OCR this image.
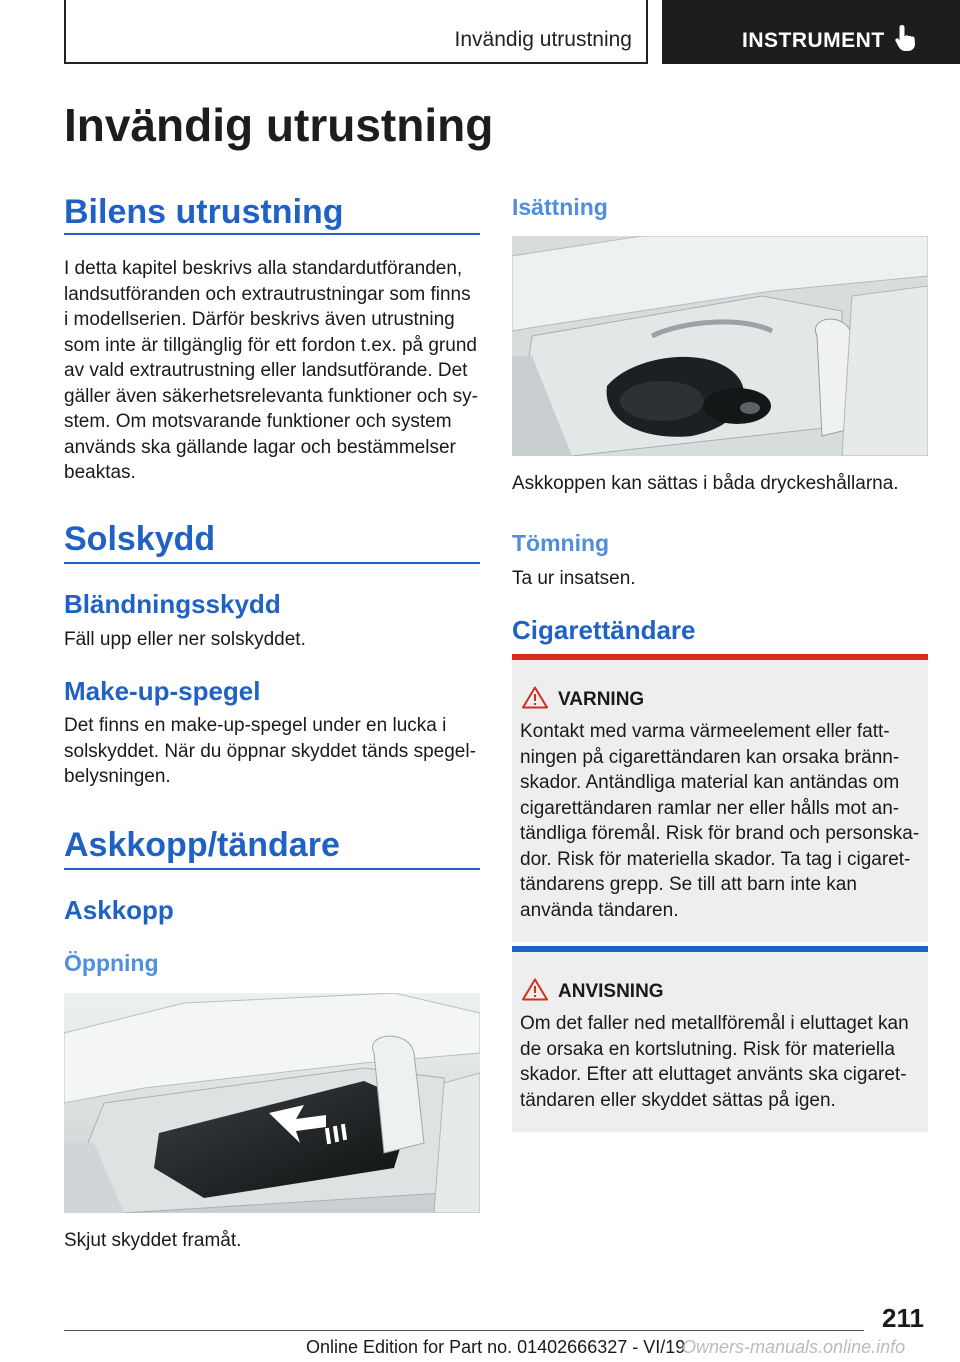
Invändig utrustning	INSTRUMENT
Invändig utrustning
Bilens utrustning

I detta kapitel beskrivs alla standardutföranden,
landsutföranden och extrautrustningar som finns
i modellserien. Därför beskrivs även utrustning
som inte är tillgänglig för ett fordon t.ex. på grund
av vald extrautrustning eller landsutförande. Det
gäller även säkerhetsrelevanta funktioner och sy-
stem. Om motsvarande funktioner och system
används ska gällande lagar och bestämmelser
beaktas.

Solskydd
Bländningsskydd

Fäll upp eller ner solskyddet.

Make-up-spegel

Det finns en make-up-spegel under en lucka i
solskyddet. När du öppnar skyddet tänds spegel-
belysningen.

Askkopp/tändare
Askkopp
Öppning

Skjut skyddet framåt.

Isättning

Askkoppen kan sättas i båda dryckeshållarna.

Tömning

Ta ur insatsen.

Cigarettändare
VARNING

Kontakt med varma värmeelement eller fatt-
ningen på cigarettändaren kan orsaka bränn-
skador. Antändliga material kan antändas om
cigarettändaren ramlar ner eller hålls mot an-
tändliga föremål. Risk för brand och personska-
dor. Risk för materiella skador. Ta tag i cigaret-
tändarens grepp. Se till att barn inte kan
använda tändaren.

ANVISNING

Om det faller ned metallföremål i eluttaget kan
de orsaka en kortslutning. Risk för materiella
skador. Efter att eluttaget använts ska cigaret-
tändaren eller skyddet sättas på igen.

211
Online Edition for Part no. 01402666327 - VI/19
Owners-manuals.online.info
